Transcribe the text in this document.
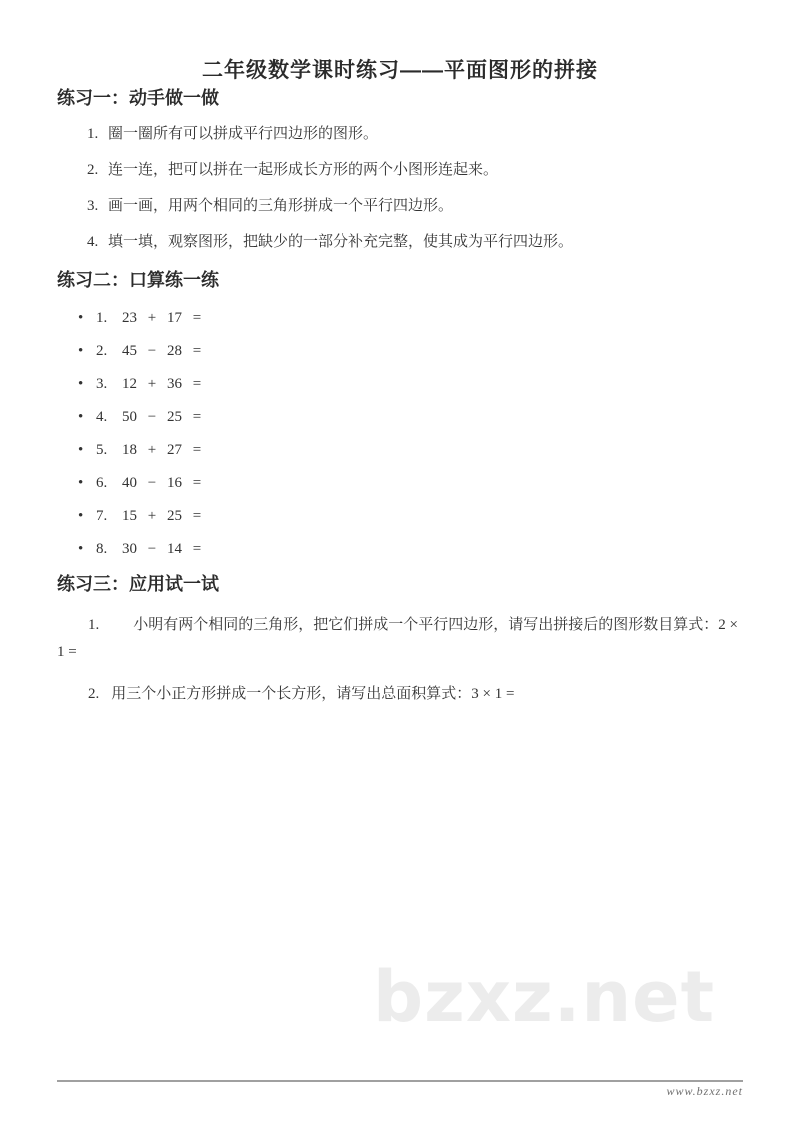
二年级数学课时练习——平面图形的拼接
练习一：动手做一做
1. 圈一圈所有可以拼成平行四边形的图形。
2. 连一连，把可以拼在一起形成长方形的两个小图形连起来。
3. 画一画，用两个相同的三角形拼成一个平行四边形。
4. 填一填，观察图形，把缺少的一部分补充完整，使其成为平行四边形。
练习二：口算练一练
• 1. 23 + 17 =
• 2. 45 − 28 =
• 3. 12 + 36 =
• 4. 50 − 25 =
• 5. 18 + 27 =
• 6. 40 − 16 =
• 7. 15 + 25 =
• 8. 30 − 14 =
练习三：应用试一试

1. 小明有两个相同的三角形，把它们拼成一个平行四边形，请写出拼接后的图形数目算式：2 × 1 =

2. 用三个小正方形拼成一个长方形，请写出总面积算式：3 × 1 =

bzxz.net
www.bzxz.net
